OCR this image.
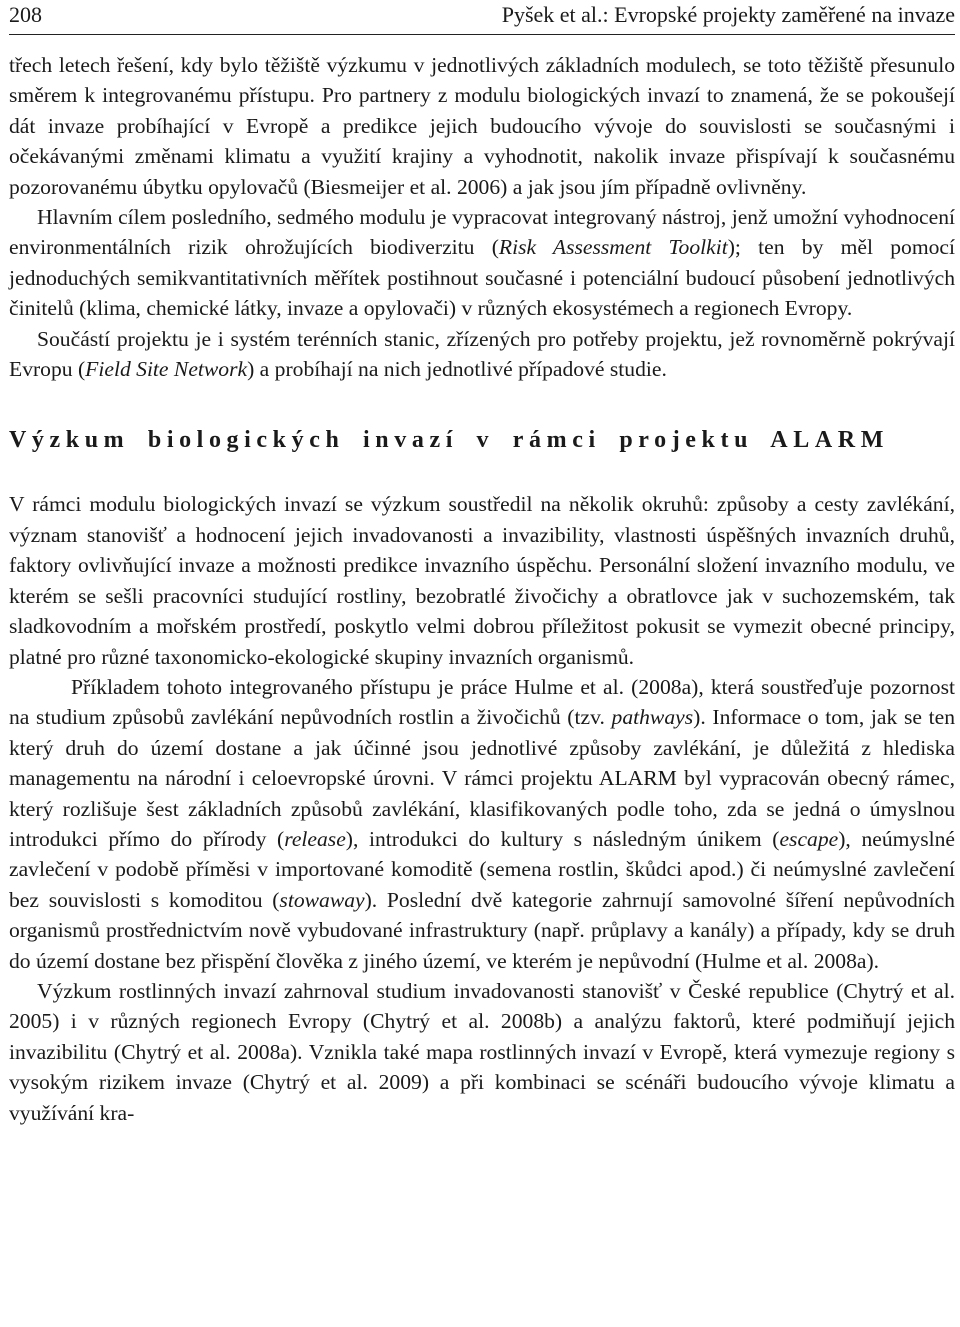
208	Pyšek et al.: Evropské projekty zaměřené na invaze

třech letech řešení, kdy bylo těžiště výzkumu v jednotlivých základních modulech, se toto těžiště přesunulo směrem k integrovanému přístupu. Pro partnery z modulu biologických invazí to znamená, že se pokoušejí dát invaze probíhající v Evropě a predikce jejich budoucího vývoje do souvislosti se současnými i očekávanými změnami klimatu a využití krajiny a vyhodnotit, nakolik invaze přispívají k současnému pozorovanému úbytku opylovačů (Biesmeijer et al. 2006) a jak jsou jím případně ovlivněny.

Hlavním cílem posledního, sedmého modulu je vypracovat integrovaný nástroj, jenž umožní vyhodnocení environmentálních rizik ohrožujících biodiverzitu (Risk Assessment Toolkit); ten by měl pomocí jednoduchých semikvantitativních měřítek postihnout současné i potenciální budoucí působení jednotlivých činitelů (klima, chemické látky, invaze a opylovači) v různých ekosystémech a regionech Evropy.

Součástí projektu je i systém terénních stanic, zřízených pro potřeby projektu, jež rovnoměrně pokrývají Evropu (Field Site Network) a probíhají na nich jednotlivé případové studie.

Výzkum biologických invazí v rámci projektu ALARM

V rámci modulu biologických invazí se výzkum soustředil na několik okruhů: způsoby a cesty zavlékání, význam stanovišť a hodnocení jejich invadovanosti a invazibility, vlastnosti úspěšných invazních druhů, faktory ovlivňující invaze a možnosti predikce invazního úspěchu. Personální složení invazního modulu, ve kterém se sešli pracovníci studující rostliny, bezobratlé živočichy a obratlovce jak v suchozemském, tak sladkovodním a mořském prostředí, poskytlo velmi dobrou příležitost pokusit se vymezit obecné principy, platné pro různé taxonomicko-ekologické skupiny invazních organismů.

Příkladem tohoto integrovaného přístupu je práce Hulme et al. (2008a), která soustřeďuje pozornost na studium způsobů zavlékání nepůvodních rostlin a živočichů (tzv. pathways). Informace o tom, jak se ten který druh do území dostane a jak účinné jsou jednotlivé způsoby zavlékání, je důležitá z hlediska managementu na národní i celoevropské úrovni. V rámci projektu ALARM byl vypracován obecný rámec, který rozlišuje šest základních způsobů zavlékání, klasifikovaných podle toho, zda se jedná o úmyslnou introdukci přímo do přírody (release), introdukci do kultury s následným únikem (escape), neúmyslné zavlečení v podobě příměsi v importované komoditě (semena rostlin, škůdci apod.) či neúmyslné zavlečení bez souvislosti s komoditou (stowaway). Poslední dvě kategorie zahrnují samovolné šíření nepůvodních organismů prostřednictvím nově vybudované infrastruktury (např. průplavy a kanály) a případy, kdy se druh do území dostane bez přispění člověka z jiného území, ve kterém je nepůvodní (Hulme et al. 2008a).

Výzkum rostlinných invazí zahrnoval studium invadovanosti stanovišť v České republice (Chytrý et al. 2005) i v různých regionech Evropy (Chytrý et al. 2008b) a analýzu faktorů, které podmiňují jejich invazibilitu (Chytrý et al. 2008a). Vznikla také mapa rostlinných invazí v Evropě, která vymezuje regiony s vysokým rizikem invaze (Chytrý et al. 2009) a při kombinaci se scénáři budoucího vývoje klimatu a využívání kra-
